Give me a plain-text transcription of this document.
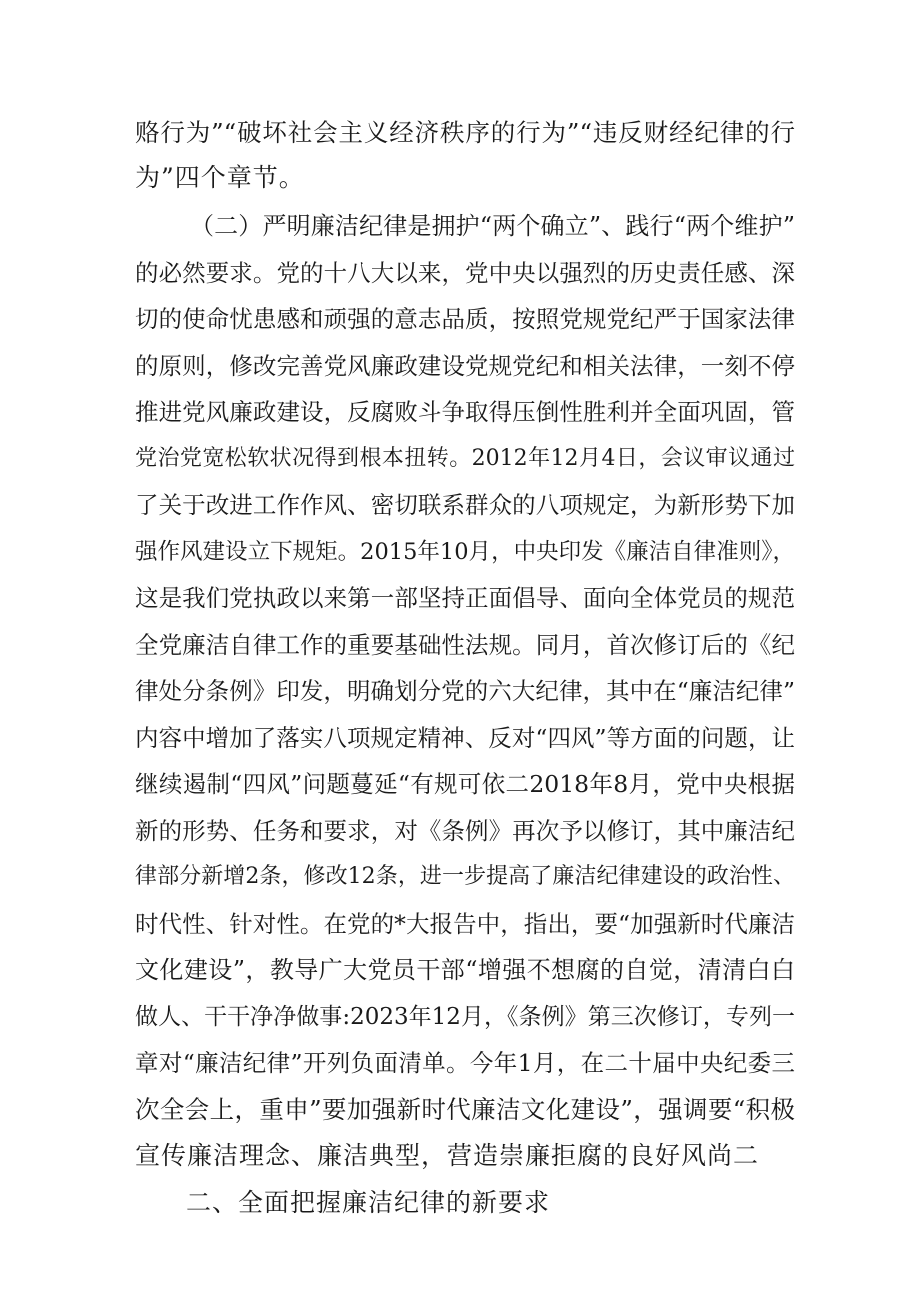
赂行为”“破坏社会主义经济秩序的行为”“违反财经纪律的行
为”四个章节。
（二）严明廉洁纪律是拥护“两个确立”、践行“两个维护”
的必然要求。党的十八大以来，党中央以强烈的历史责任感、深
切的使命忧患感和顽强的意志品质，按照党规党纪严于国家法律
的原则，修改完善党风廉政建设党规党纪和相关法律，一刻不停
推进党风廉政建设，反腐败斗争取得压倒性胜利并全面巩固，管
党治党宽松软状况得到根本扭转。2012年12月4日，会议审议通过
了关于改进工作作风、密切联系群众的八项规定，为新形势下加
强作风建设立下规矩。2015年10月，中央印发《廉洁自律准则》，
这是我们党执政以来第一部坚持正面倡导、面向全体党员的规范
全党廉洁自律工作的重要基础性法规。同月，首次修订后的《纪
律处分条例》印发，明确划分党的六大纪律，其中在“廉洁纪律”
内容中增加了落实八项规定精神、反对“四风”等方面的问题，让
继续遏制“四风”问题蔓延“有规可依二2018年8月，党中央根据
新的形势、任务和要求，对《条例》再次予以修订，其中廉洁纪
律部分新增2条，修改12条，进一步提高了廉洁纪律建设的政治性、
时代性、针对性。在党的*大报告中，指出，要“加强新时代廉洁
文化建设”，教导广大党员干部“增强不想腐的自觉，清清白白
做人、干干净净做事:2023年12月，《条例》第三次修订，专列一
章对“廉洁纪律”开列负面清单。今年1月，在二十届中央纪委三
次全会上，重申”要加强新时代廉洁文化建设”，强调要“积极
宣传廉洁理念、廉洁典型，营造崇廉拒腐的良好风尚二
二、全面把握廉洁纪律的新要求
